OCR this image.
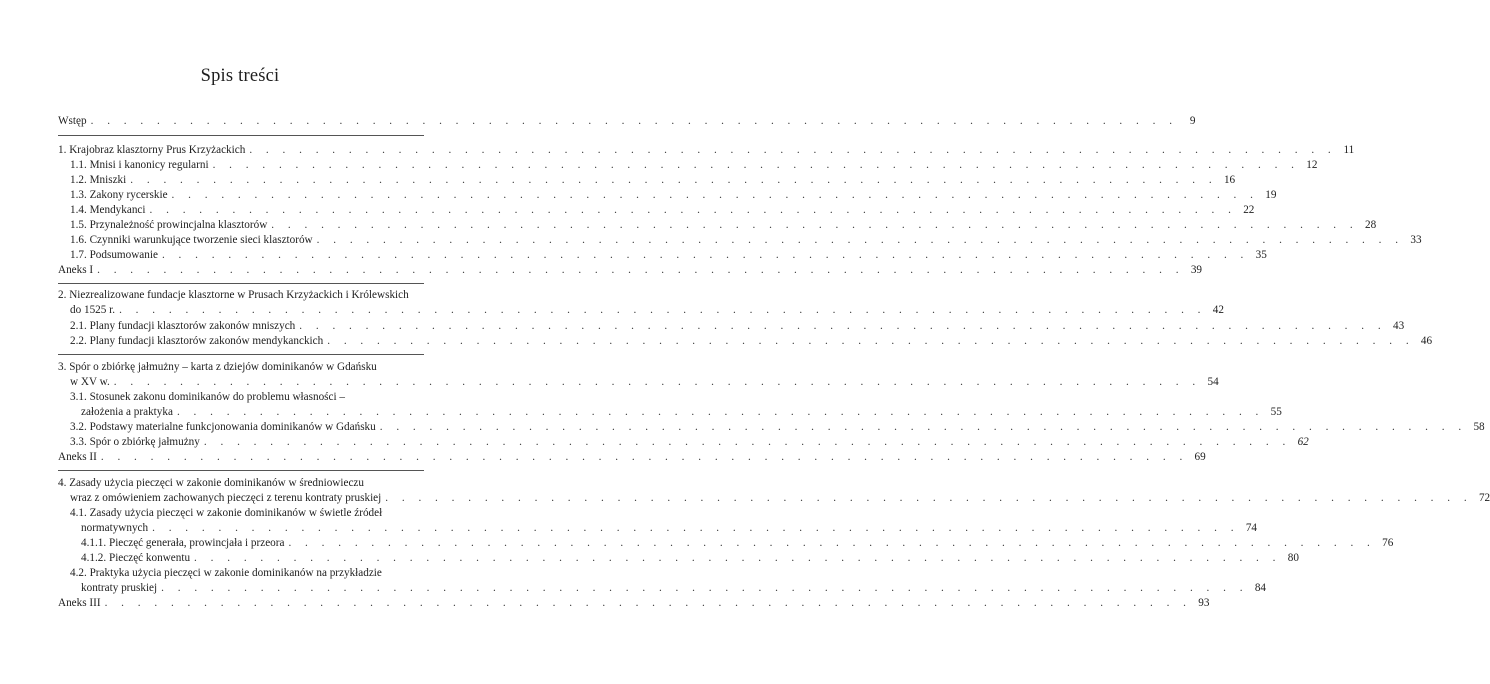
Spis treści
Wstęp . . .	9
1. Krajobraz klasztorny Prus Krzyżackich . . .	11
1.1. Mnisi i kanonicy regularni . . .	12
1.2. Mniszki . . .	16
1.3. Zakony rycerskie . . .	19
1.4. Mendykanci . . .	22
1.5. Przynależność prowincjalna klasztorów . . .	28
1.6. Czynniki warunkujące tworzenie sieci klasztorów . . .	33
1.7. Podsumowanie . . .	35
Aneks I . . .	39
2. Niezrealizowane fundacje klasztorne w Prusach Krzyżackich i Królewskich
do 1525 r. . . .	42
2.1. Plany fundacji klasztorów zakonów mniszych . . .	43
2.2. Plany fundacji klasztorów zakonów mendykanckich . . .	46
3. Spór o zbiórkę jałmużny – karta z dziejów dominikanów w Gdańsku
w XV w. . . .	54
3.1. Stosunek zakonu dominikanów do problemu własności –
założenia a praktyka . . .	55
3.2. Podstawy materialne funkcjonowania dominikanów w Gdańsku . . .	58
3.3. Spór o zbiórkę jałmużny . . .	62
Aneks II . . .	69
4. Zasady użycia pieczęci w zakonie dominikanów w średniowieczu
wraz z omówieniem zachowanych pieczęci z terenu kontraty pruskiej . . .	72
4.1. Zasady użycia pieczęci w zakonie dominikanów w świetle źródeł
normatywnych . . .	74
4.1.1. Pieczęć generała, prowincjała i przeora . . .	76
4.1.2. Pieczęć konwentu . . .	80
4.2. Praktyka użycia pieczęci w zakonie dominikanów na przykładzie
kontraty pruskiej . . .	84
Aneks III . . .	93
